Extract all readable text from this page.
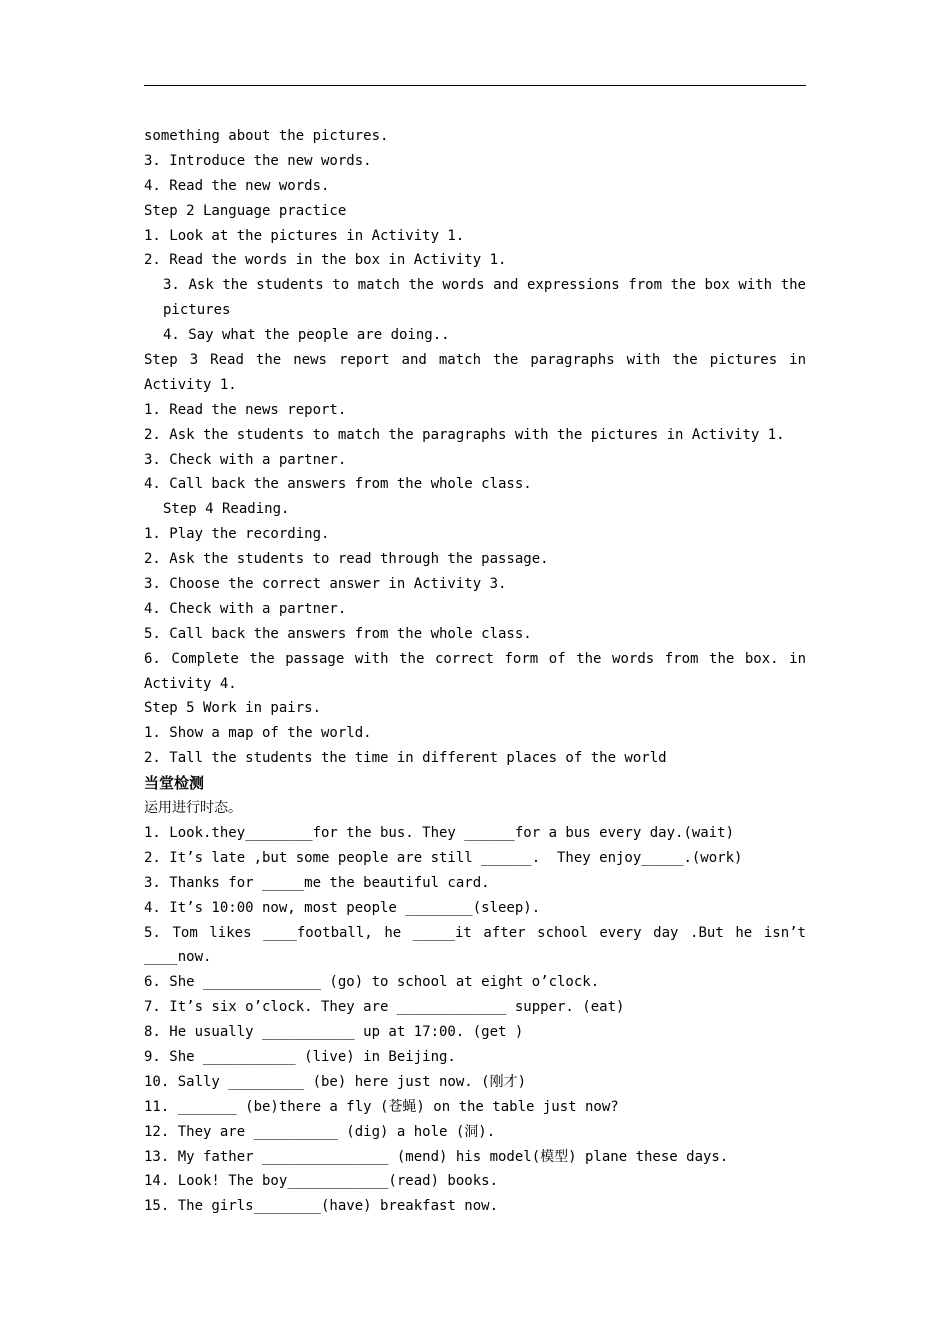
something about the pictures.
3. Introduce the new words.
4. Read the new words.
Step 2 Language practice
1. Look at the pictures in Activity 1.
2. Read the words in the box in Activity 1.
3. Ask the students to match the words and expressions from the box with the
pictures
4. Say what the people are doing..
Step 3 Read the news report and match the paragraphs with the pictures in
Activity 1.
1. Read the news report.
2. Ask the students to match the paragraphs with the pictures in Activity 1.
3. Check with a partner.
4. Call back the answers from the whole class.
Step 4 Reading.
1. Play the recording.
2. Ask the students to read through the passage.
3. Choose the correct answer in Activity 3.
4. Check with a partner.
5. Call back the answers from the whole class.
6. Complete the passage with the correct form of the words from the box. in
Activity 4.
Step 5 Work in pairs.
1. Show a map of the world.
2. Tall the students the time in different places of the world
当堂检测
运用进行时态。
1. Look.they________for the bus. They ______for a bus every day.(wait)
2. It’s late ,but some people are still ______.  They enjoy_____.(work)
3. Thanks for _____me the beautiful card.
4. It’s 10:00 now, most people ________(sleep).
5. Tom likes ____football, he _____it after school every day .But he isn’t
____now.
6. She ______________ (go) to school at eight o’clock.
7. It’s six o’clock. They are _____________ supper. (eat)
8. He usually ___________ up at 17:00. (get )
9. She ___________ (live) in Beijing.
10. Sally _________ (be) here just now. (刚才)
11. _______ (be)there a fly (苍蝇) on the table just now?
12. They are __________ (dig) a hole (洞).
13. My father _______________ (mend) his model(模型) plane these days.
14. Look! The boy____________(read) books.
15. The girls________(have) breakfast now.
